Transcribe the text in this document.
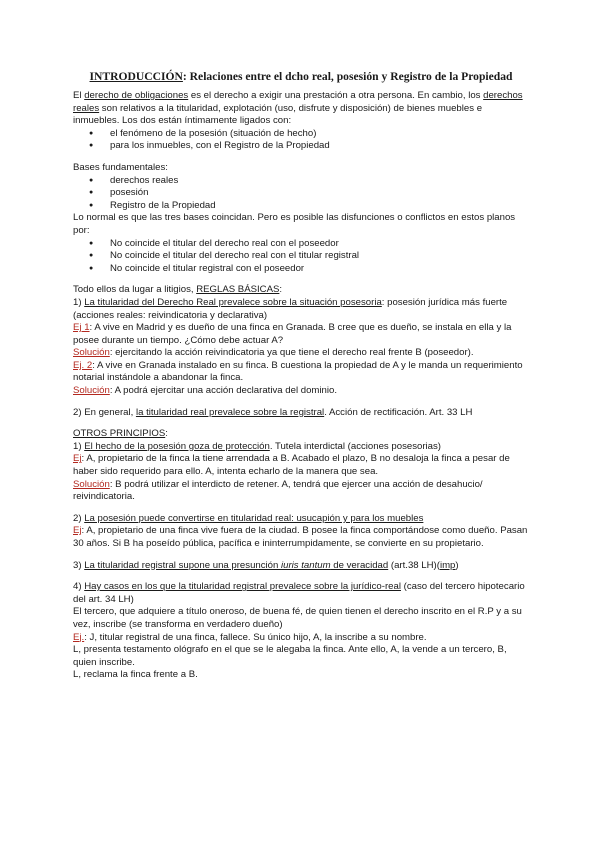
INTRODUCCIÓN: Relaciones entre el dcho real, posesión y Registro de la Propiedad

El derecho de obligaciones es el derecho a exigir una prestación a otra persona. En cambio, los derechos reales son relativos a la titularidad, explotación (uso, disfrute y disposición) de bienes muebles e inmuebles. Los dos están íntimamente ligados con:

● el fenómeno de la posesión (situación de hecho)
● para los inmuebles, con el Registro de la Propiedad

Bases fundamentales:

● derechos reales
● posesión
● Registro de la Propiedad

Lo normal es que las tres bases coincidan. Pero es posible las disfunciones o conflictos en estos planos por:

● No coincide el titular del derecho real con el poseedor
● No coincide el titular del derecho real con el titular registral
● No coincide el titular registral con el poseedor

Todo ellos da lugar a litigios, REGLAS BÁSICAS:

1) La titularidad del Derecho Real prevalece sobre la situación posesoria: posesión jurídica más fuerte (acciones reales: reivindicatoria y declarativa)

Ej 1: A vive en Madrid y es dueño de una finca en Granada. B cree que es dueño, se instala en ella y la posee durante un tiempo. ¿Cómo debe actuar A?

Solución: ejercitando la acción reivindicatoria ya que tiene el derecho real frente B (poseedor).

Ej. 2: A vive en Granada instalado en su finca. B cuestiona la propiedad de A y le manda un requerimiento notarial instándole a abandonar la finca.

Solución: A podrá ejercitar una acción declarativa del dominio.

2) En general, la titularidad real prevalece sobre la registral. Acción de rectificación. Art. 33 LH

OTROS PRINCIPIOS:

1) El hecho de la posesión goza de protección. Tutela interdictal (acciones posesorias)

Ej: A, propietario de la finca la tiene arrendada a B. Acabado el plazo, B no desaloja la finca a pesar de haber sido requerido para ello. A, intenta echarlo de la manera que sea.

Solución: B podrá utilizar el interdicto de retener. A, tendrá que ejercer una acción de desahucio/ reivindicatoria.

2) La posesión puede convertirse en titularidad real: usucapión y para los muebles

Ej: A, propietario de una finca vive fuera de la ciudad. B posee la finca comportándose como dueño. Pasan 30 años. Si B ha poseído pública, pacífica e ininterrumpidamente, se convierte en su propietario.

3) La titularidad registral supone una presunción iuris tantum de veracidad (art.38 LH)(imp)

4) Hay casos en los que la titularidad registral prevalece sobre la jurídico-real (caso del tercero hipotecario del art. 34 LH)

El tercero, que adquiere a título oneroso, de buena fé, de quien tienen el derecho inscrito en el R.P y a su vez, inscribe (se transforma en verdadero dueño)

Ej.: J, titular registral de una finca, fallece. Su único hijo, A, la inscribe a su nombre.

L, presenta testamento ológrafo en el que se le alegaba la finca. Ante ello, A, la vende a un tercero, B, quien inscribe.

L, reclama la finca frente a B.
